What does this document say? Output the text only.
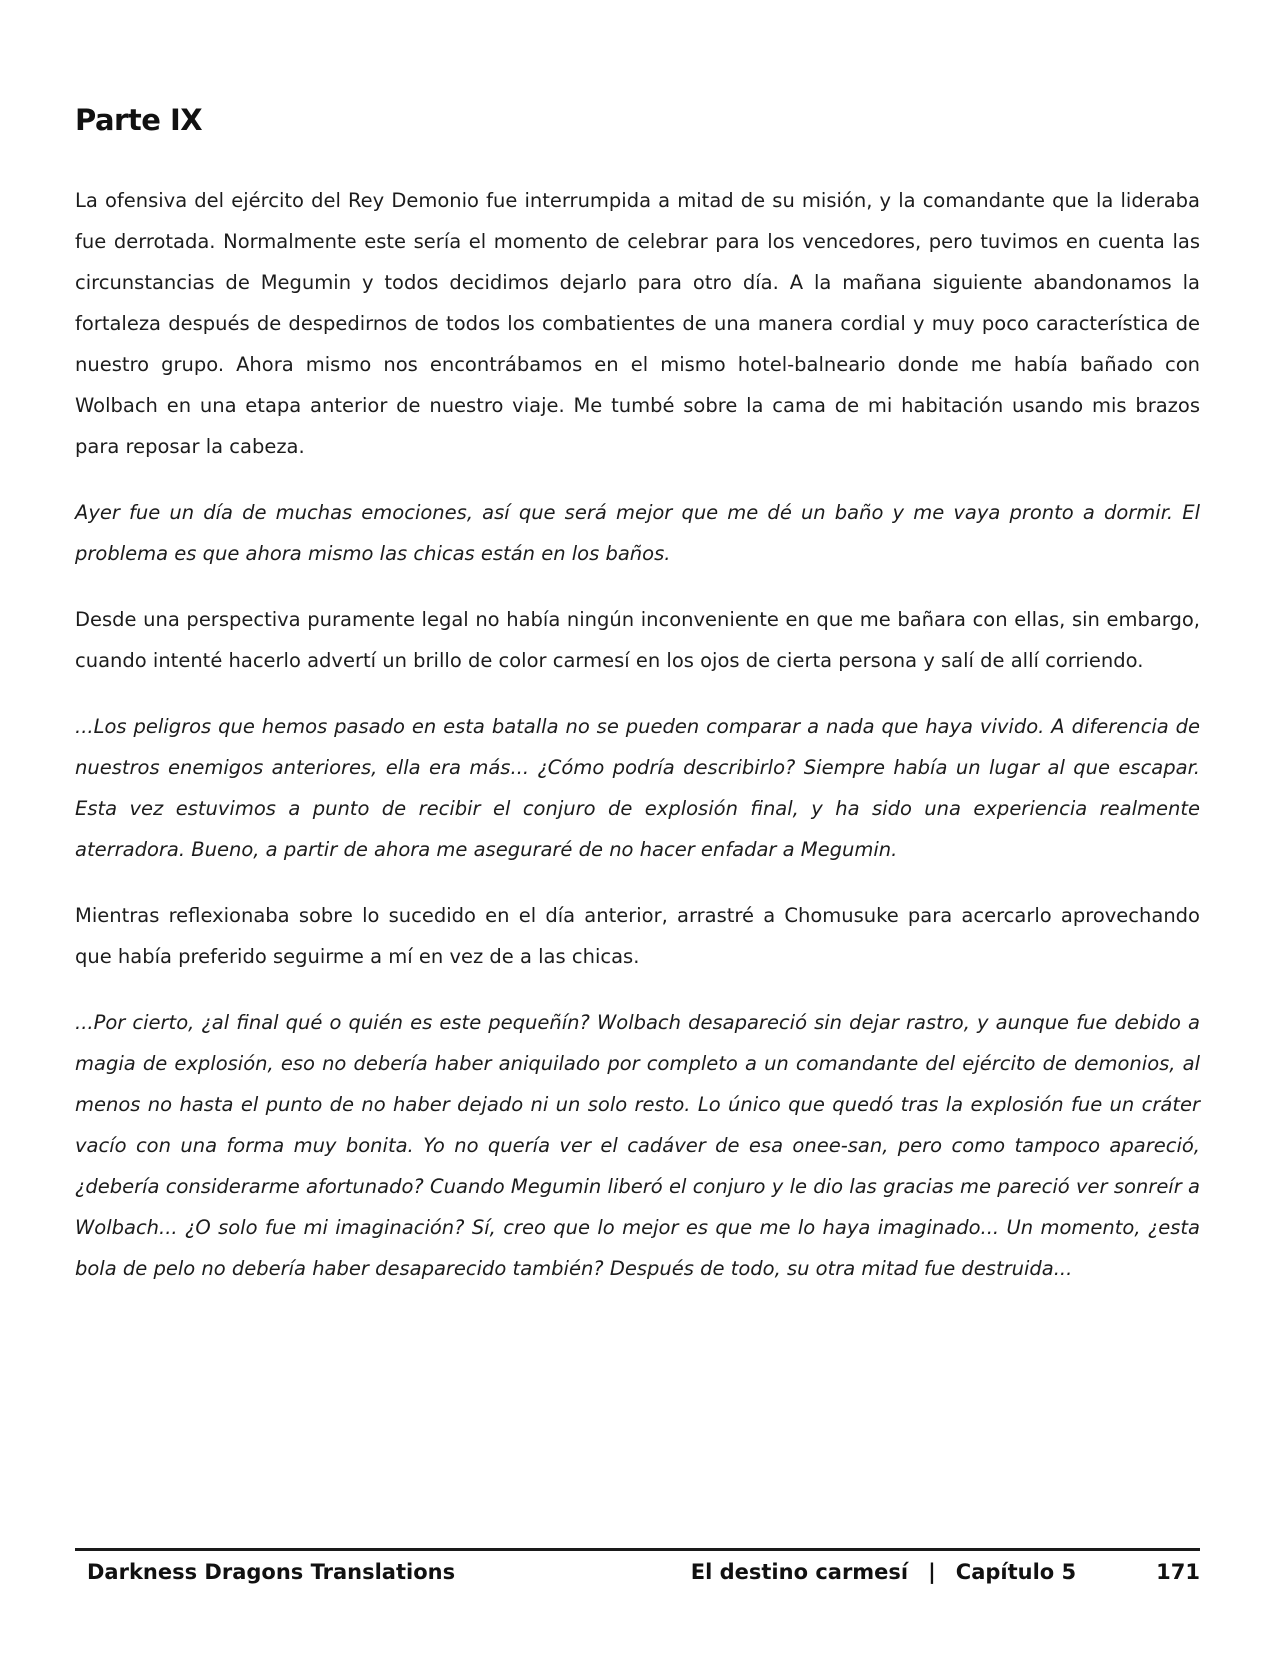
Parte IX

La ofensiva del ejército del Rey Demonio fue interrumpida a mitad de su misión, y la comandante que la lideraba fue derrotada. Normalmente este sería el momento de celebrar para los vencedores, pero tuvimos en cuenta las circunstancias de Megumin y todos decidimos dejarlo para otro día. A la mañana siguiente abandonamos la fortaleza después de despedirnos de todos los combatientes de una manera cordial y muy poco característica de nuestro grupo. Ahora mismo nos encontrábamos en el mismo hotel-balneario donde me había bañado con Wolbach en una etapa anterior de nuestro viaje. Me tumbé sobre la cama de mi habitación usando mis brazos para reposar la cabeza.

Ayer fue un día de muchas emociones, así que será mejor que me dé un baño y me vaya pronto a dormir. El problema es que ahora mismo las chicas están en los baños.

Desde una perspectiva puramente legal no había ningún inconveniente en que me bañara con ellas, sin embargo, cuando intenté hacerlo advertí un brillo de color carmesí en los ojos de cierta persona y salí de allí corriendo.

...Los peligros que hemos pasado en esta batalla no se pueden comparar a nada que haya vivido. A diferencia de nuestros enemigos anteriores, ella era más... ¿Cómo podría describirlo? Siempre había un lugar al que escapar. Esta vez estuvimos a punto de recibir el conjuro de explosión final, y ha sido una experiencia realmente aterradora. Bueno, a partir de ahora me aseguraré de no hacer enfadar a Megumin.

Mientras reflexionaba sobre lo sucedido en el día anterior, arrastré a Chomusuke para acercarlo aprovechando que había preferido seguirme a mí en vez de a las chicas.

...Por cierto, ¿al final qué o quién es este pequeñín? Wolbach desapareció sin dejar rastro, y aunque fue debido a magia de explosión, eso no debería haber aniquilado por completo a un comandante del ejército de demonios, al menos no hasta el punto de no haber dejado ni un solo resto. Lo único que quedó tras la explosión fue un cráter vacío con una forma muy bonita. Yo no quería ver el cadáver de esa onee-san, pero como tampoco apareció, ¿debería considerarme afortunado? Cuando Megumin liberó el conjuro y le dio las gracias me pareció ver sonreír a Wolbach... ¿O solo fue mi imaginación? Sí, creo que lo mejor es que me lo haya imaginado... Un momento, ¿esta bola de pelo no debería haber desaparecido también? Después de todo, su otra mitad fue destruida...

Darkness Dragons Translations	El destino carmesí | Capítulo 5	171
